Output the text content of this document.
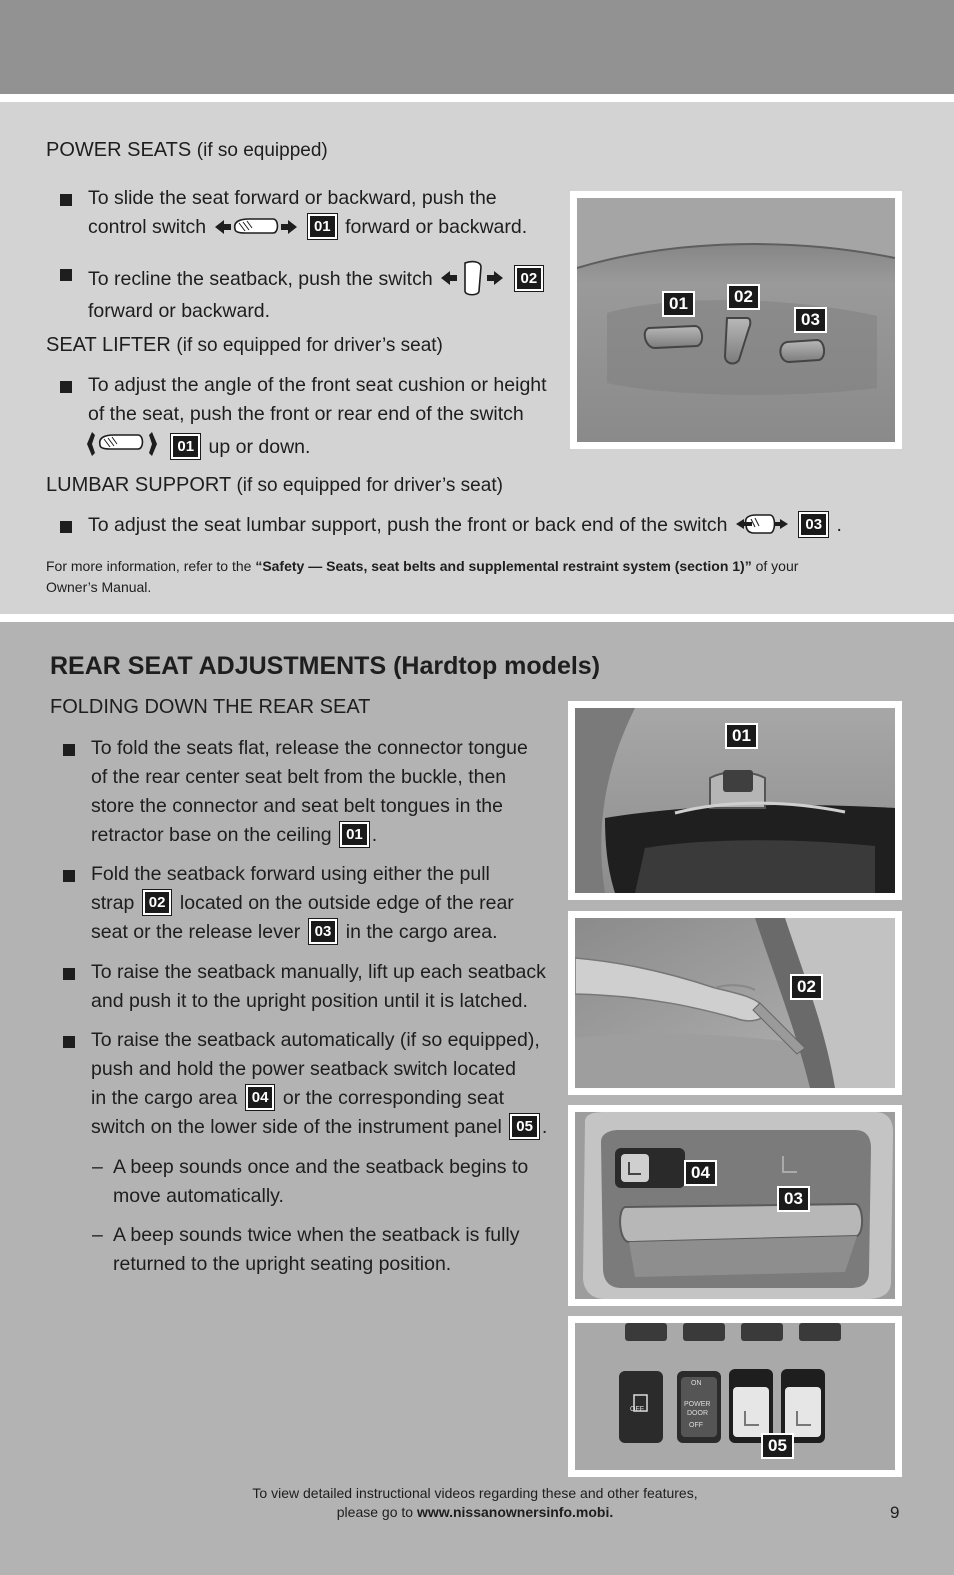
POWER SEATS (if so equipped)
To slide the seat forward or backward, push the
control switch	01 forward or backward.
To recline the seatback, push the switch	02
forward or backward.
SEAT LIFTER (if so equipped for driver’s seat)
To adjust the angle of the front seat cushion or height
of the seat, push the front or rear end of the switch
01 up or down.
LUMBAR SUPPORT (if so equipped for driver’s seat)
To adjust the seat lumbar support, push the front or back end of the switch	03 .
For more information, refer to the “Safety — Seats, seat belts and supplemental restraint system (section 1)” of your
Owner’s Manual.
01	02
03
REAR SEAT ADJUSTMENTS (Hardtop models)
FOLDING DOWN THE REAR SEAT
To fold the seats flat, release the connector tongue
of the rear center seat belt from the buckle, then
store the connector and seat belt tongues in the
retractor base on the ceiling 01 .
Fold the seatback forward using either the pull
strap 02 located on the outside edge of the rear
seat or the release lever 03 in the cargo area.
To raise the seatback manually, lift up each seatback
and push it to the upright position until it is latched.
To raise the seatback automatically (if so equipped),
push and hold the power seatback switch located
in the cargo area 04 or the corresponding seat
switch on the lower side of the instrument panel 05 .
– A beep sounds once and the seatback begins to
move automatically.
– A beep sounds twice when the seatback is fully
returned to the upright seating position.
01
02
04
03
OFF
ON
POWER
DOOR
OFF
05
To view detailed instructional videos regarding these and other features,
please go to www.nissanownersinfo.mobi.	9
